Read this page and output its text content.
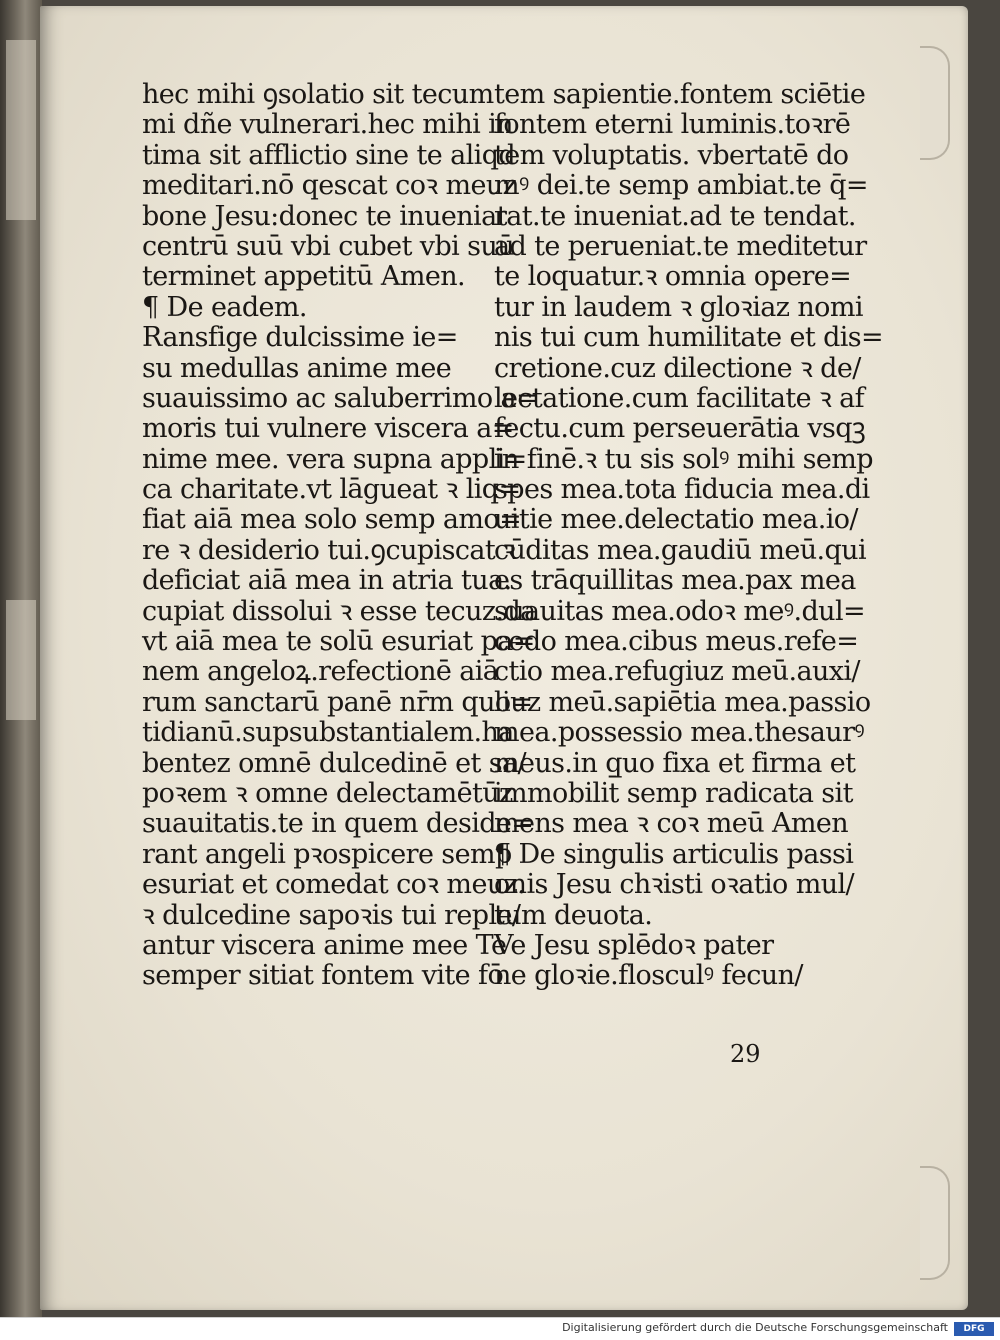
hec mihi ꝯsolatio sit tecum
mi dñe vulnerari.hec mihi in
tima sit afflictio sine te aliqd
meditari.nō qescat coꝛ meuz
bone Jesu:donec te inueniat
centrū suū vbi cubet vbi suū
terminet appetitū Amen.
¶ De eadem.
Ransfige dulcissime ie=
su medullas anime mee
suauissimo ac saluberrimo a=
moris tui vulnere viscera a=
nime mee. vera supna appli=
ca charitate.vt lāgueat ꝛ liq=
fiat aiā mea solo semp amo=
re ꝛ desiderio tui.ꝯcupiscat ꝛ
deficiat aiā mea in atria tua.
cupiat dissolui ꝛ esse tecuz.da
vt aiā mea te solū esuriat pa=
nem angeloꝝ.refectionē aiā
rum sanctarū panē nr̄m quo=
tidianū.supsubstantialem.ha
bentez omnē dulcedinē et sa/
poꝛem ꝛ omne delectamētūz
suauitatis.te in quem deside=
rant angeli pꝛospicere semp
esuriat et comedat coꝛ meuz.
ꝛ dulcedine sapoꝛis tui reple/
antur viscera anime mee Te
semper sitiat fontem vite fō
tem sapientie.fontem sciētie
fontem eterni luminis.toꝛrē
tem voluptatis. vbertatē do
mꝰ dei.te semp ambiat.te q̄=
rat.te inueniat.ad te tendat.
ad te perueniat.te meditetur
te loquatur.ꝛ omnia opere=
tur in laudem ꝛ gloꝛiaz nomi
nis tui cum humilitate et dis=
cretione.cuz dilectione ꝛ de/
lectatione.cum facilitate ꝛ af
fectu.cum perseuerātia vsqꝫ
in finē.ꝛ tu sis solꝰ mihi semp
spes mea.tota fiducia mea.di
uitie mee.delectatio mea.io/
cūditas mea.gaudiū meū.qui
es trāquillitas mea.pax mea
suauitas mea.odoꝛ meꝰ.dul=
cedo mea.cibus meus.refe=
ctio mea.refugiuz meū.auxi/
liuz meū.sapiētia mea.passio
mea.possessio mea.thesaurꝰ
meus.in quo fixa et firma et
immobilit̄ semp radicata sit
mens mea ꝛ coꝛ meū Amen
¶ De singulis articulis passi
onis Jesu chꝛisti oꝛatio mul/
tum deuota.
Ve Jesu splēdoꝛ pater
ne gloꝛie.flosculꝰ fecun/
29
Digitalisierung gefördert durch die Deutsche Forschungsgemeinschaft	DFG
